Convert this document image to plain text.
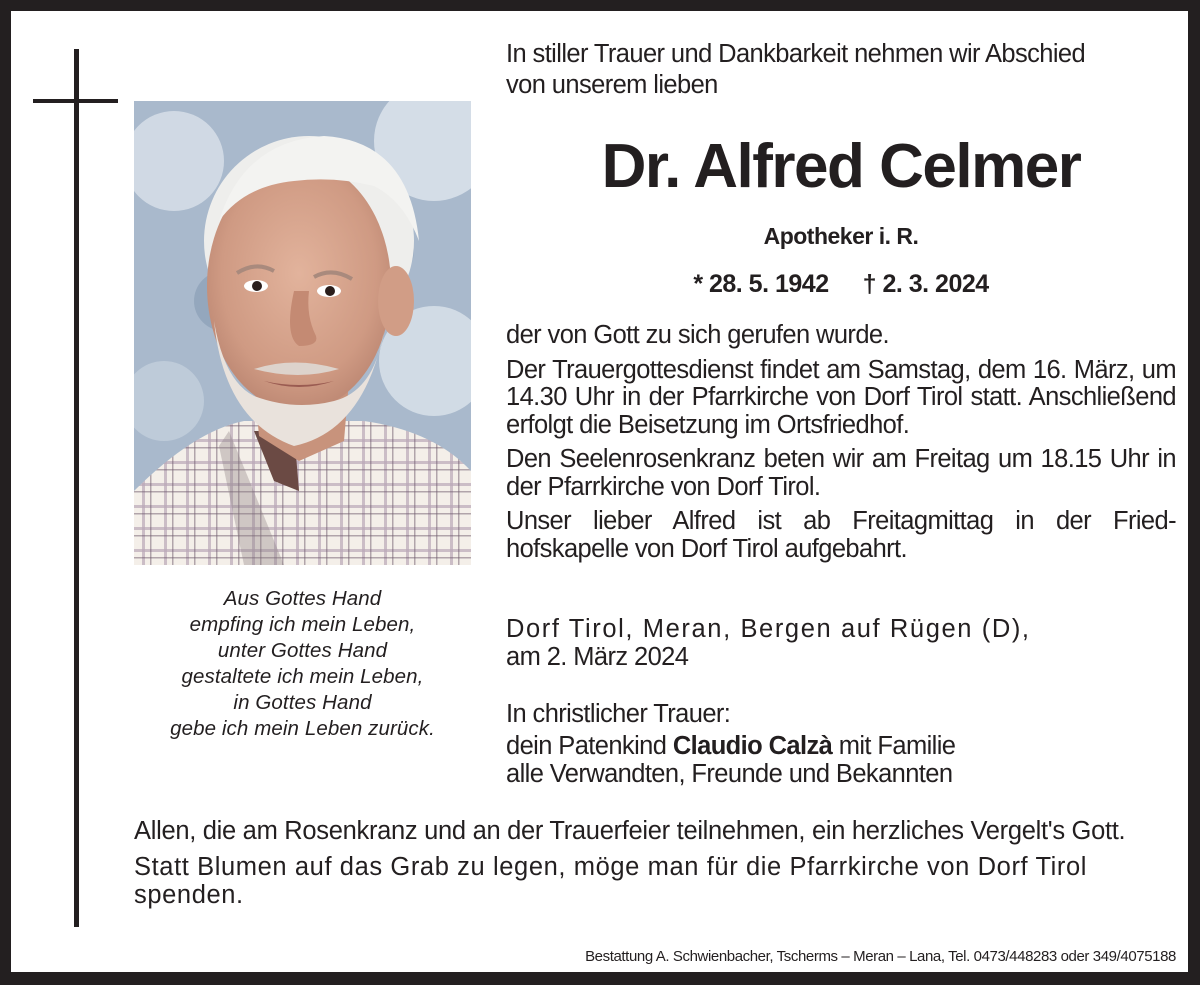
Aus Gottes Hand
empfing ich mein Leben,
unter Gottes Hand
gestaltete ich mein Leben,
in Gottes Hand
gebe ich mein Leben zurück.
In stiller Trauer und Dankbarkeit nehmen wir Abschied
von unserem lieben
Dr. Alfred Celmer
Apotheker i. R.
* 28. 5. 1942 † 2. 3. 2024

der von Gott zu sich gerufen wurde.

Der Trauergottesdienst findet am Samstag, dem 16. März, um 14.30 Uhr in der Pfarrkirche von Dorf Tirol statt. Anschließend erfolgt die Beisetzung im Ortsfriedhof.

Den Seelenrosenkranz beten wir am Freitag um 18.15 Uhr in der Pfarrkirche von Dorf Tirol.

Unser lieber Alfred ist ab Freitagmittag in der Fried-
hofskapelle von Dorf Tirol aufgebahrt.

Dorf Tirol, Meran, Bergen auf Rügen (D),
am 2. März 2024
In christlicher Trauer:
dein Patenkind Claudio Calzà mit Familie
alle Verwandten, Freunde und Bekannten

Allen, die am Rosenkranz und an der Trauerfeier teilnehmen, ein herzliches Vergelt's Gott.

Statt Blumen auf das Grab zu legen, möge man für die Pfarrkirche von Dorf Tirol spenden.

Bestattung A. Schwienbacher, Tscherms – Meran – Lana, Tel. 0473/448283 oder 349/4075188
